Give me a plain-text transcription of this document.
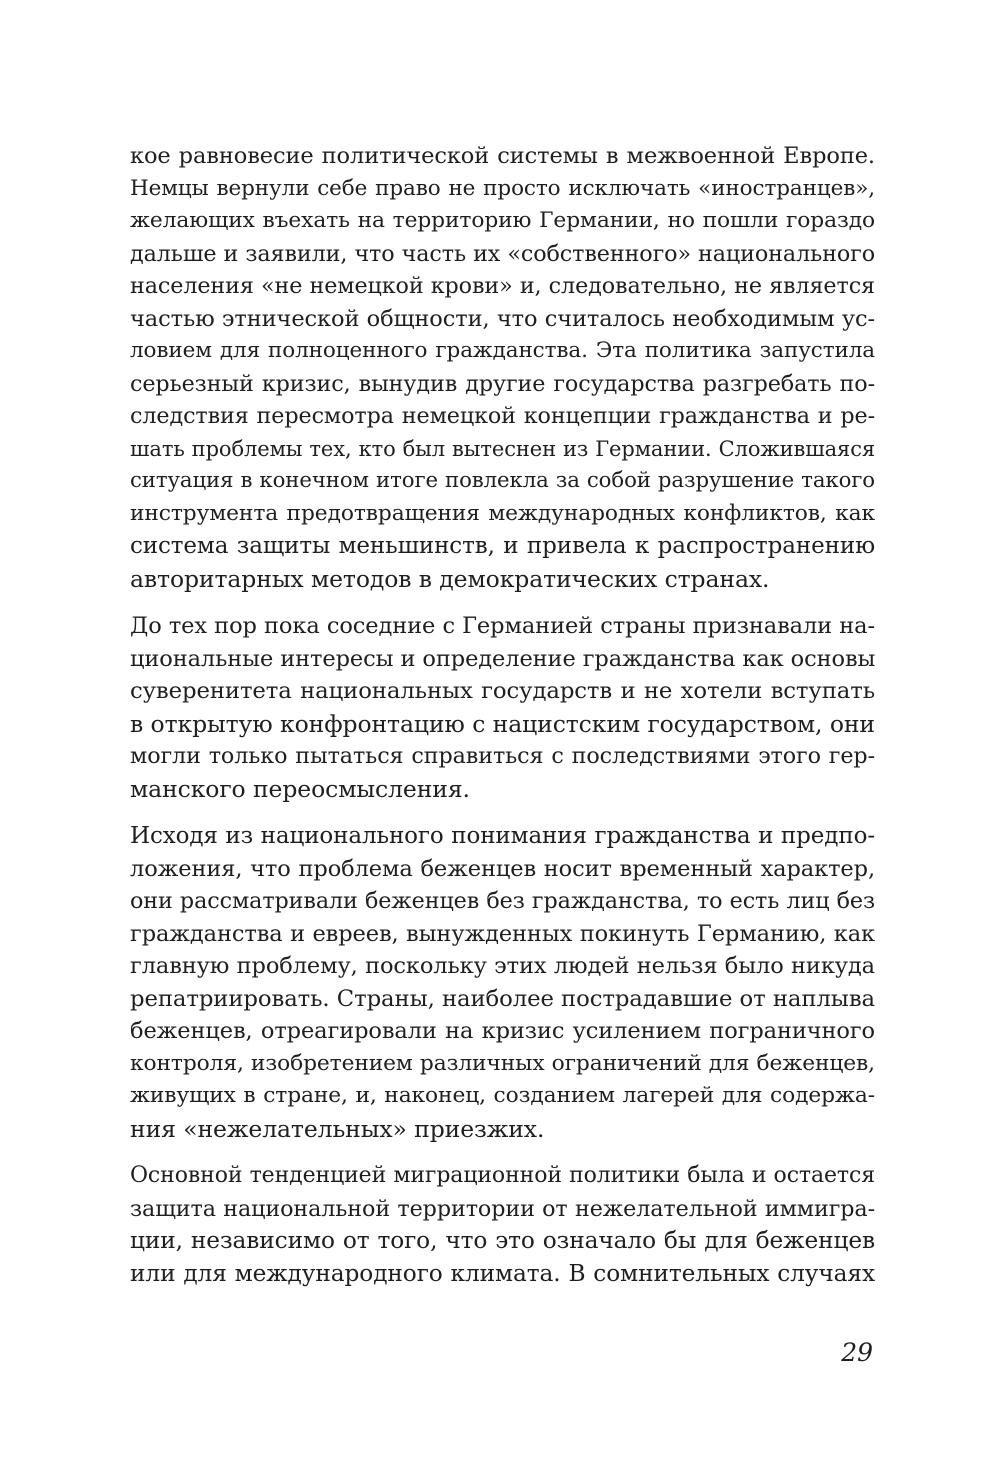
кое равновесие политической системы в межвоенной Европе.
Немцы вернули себе право не просто исключать «иностранцев»,
желающих въехать на территорию Германии, но пошли гораздо
дальше и заявили, что часть их «собственного» национального
населения «не немецкой крови» и, следовательно, не является
частью этнической общности, что считалось необходимым ус-
ловием для полноценного гражданства. Эта политика запустила
серьезный кризис, вынудив другие государства разгребать по-
следствия пересмотра немецкой концепции гражданства и ре-
шать проблемы тех, кто был вытеснен из Германии. Сложившаяся
ситуация в конечном итоге повлекла за собой разрушение такого
инструмента предотвращения международных конфликтов, как
система защиты меньшинств, и привела к распространению
авторитарных методов в демократических странах.

До тех пор пока соседние с Германией страны признавали на-
циональные интересы и определение гражданства как основы
суверенитета национальных государств и не хотели вступать
в открытую конфронтацию с нацистским государством, они
могли только пытаться справиться с последствиями этого гер-
манского переосмысления.

Исходя из национального понимания гражданства и предпо-
ложения, что проблема беженцев носит временный характер,
они рассматривали беженцев без гражданства, то есть лиц без
гражданства и евреев, вынужденных покинуть Германию, как
главную проблему, поскольку этих людей нельзя было никуда
репатриировать. Страны, наиболее пострадавшие от наплыва
беженцев, отреагировали на кризис усилением пограничного
контроля, изобретением различных ограничений для беженцев,
живущих в стране, и, наконец, созданием лагерей для содержа-
ния «нежелательных» приезжих.

Основной тенденцией миграционной политики была и остается
защита национальной территории от нежелательной иммигра-
ции, независимо от того, что это означало бы для беженцев
или для международного климата. В сомнительных случаях

29
